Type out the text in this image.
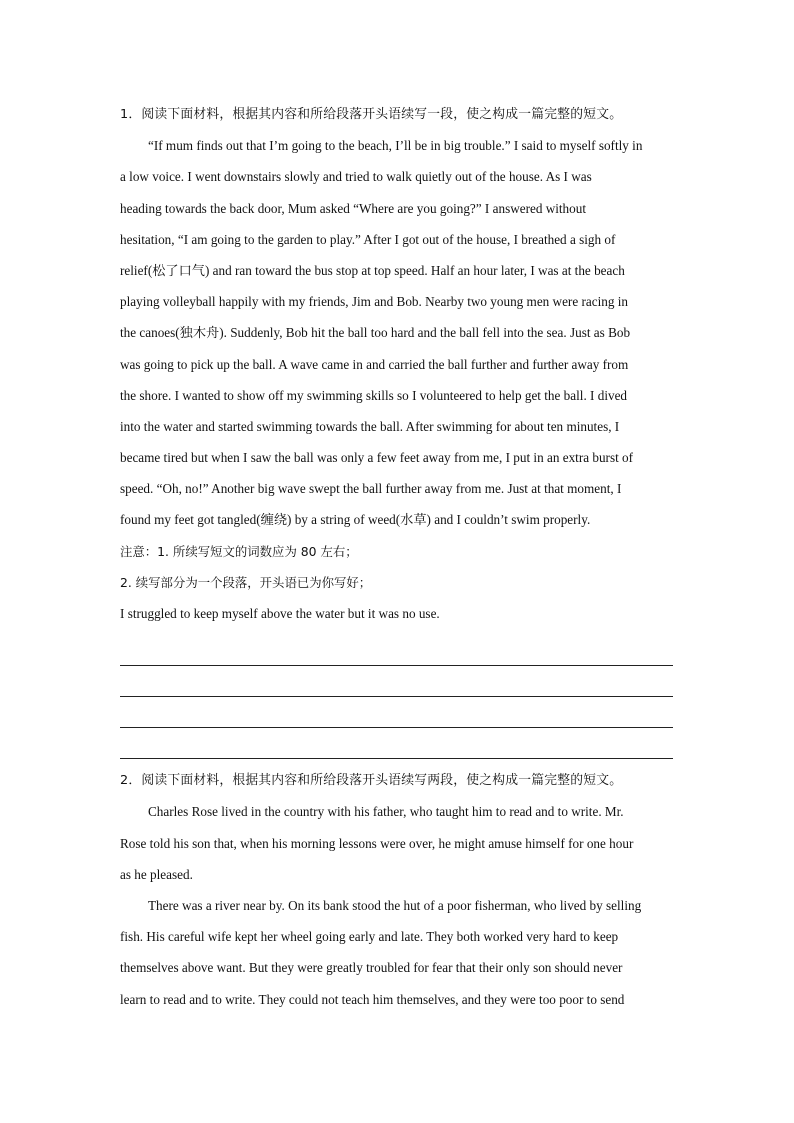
1．阅读下面材料，根据其内容和所给段落开头语续写一段，使之构成一篇完整的短文。
“If mum finds out that I’m going to the beach, I’ll be in big trouble.” I said to myself softly in
a low voice. I went downstairs slowly and tried to walk quietly out of the house. As I was
heading towards the back door, Mum asked “Where are you going?” I answered without
hesitation, “I am going to the garden to play.” After I got out of the house, I breathed a sigh of
relief(松了口气) and ran toward the bus stop at top speed. Half an hour later, I was at the beach
playing volleyball happily with my friends, Jim and Bob. Nearby two young men were racing in
the canoes(独木舟). Suddenly, Bob hit the ball too hard and the ball fell into the sea. Just as Bob
was going to pick up the ball. A wave came in and carried the ball further and further away from
the shore. I wanted to show off my swimming skills so I volunteered to help get the ball. I dived
into the water and started swimming towards the ball. After swimming for about ten minutes, I
became tired but when I saw the ball was only a few feet away from me, I put in an extra burst of
speed. “Oh, no!” Another big wave swept the ball further away from me. Just at that moment, I
found my feet got tangled(缠绕) by a string of weed(水草) and I couldn’t swim properly.
注意：1. 所续写短文的词数应为 80 左右；
2. 续写部分为一个段落，开头语已为你写好；
I struggled to keep myself above the water but it was no use.
2．阅读下面材料，根据其内容和所给段落开头语续写两段，使之构成一篇完整的短文。
Charles Rose lived in the country with his father, who taught him to read and to write. Mr.
Rose told his son that, when his morning lessons were over, he might amuse himself for one hour
as he pleased.
There was a river near by. On its bank stood the hut of a poor fisherman, who lived by selling
fish. His careful wife kept her wheel going early and late. They both worked very hard to keep
themselves above want. But they were greatly troubled for fear that their only son should never
learn to read and to write. They could not teach him themselves, and they were too poor to send
